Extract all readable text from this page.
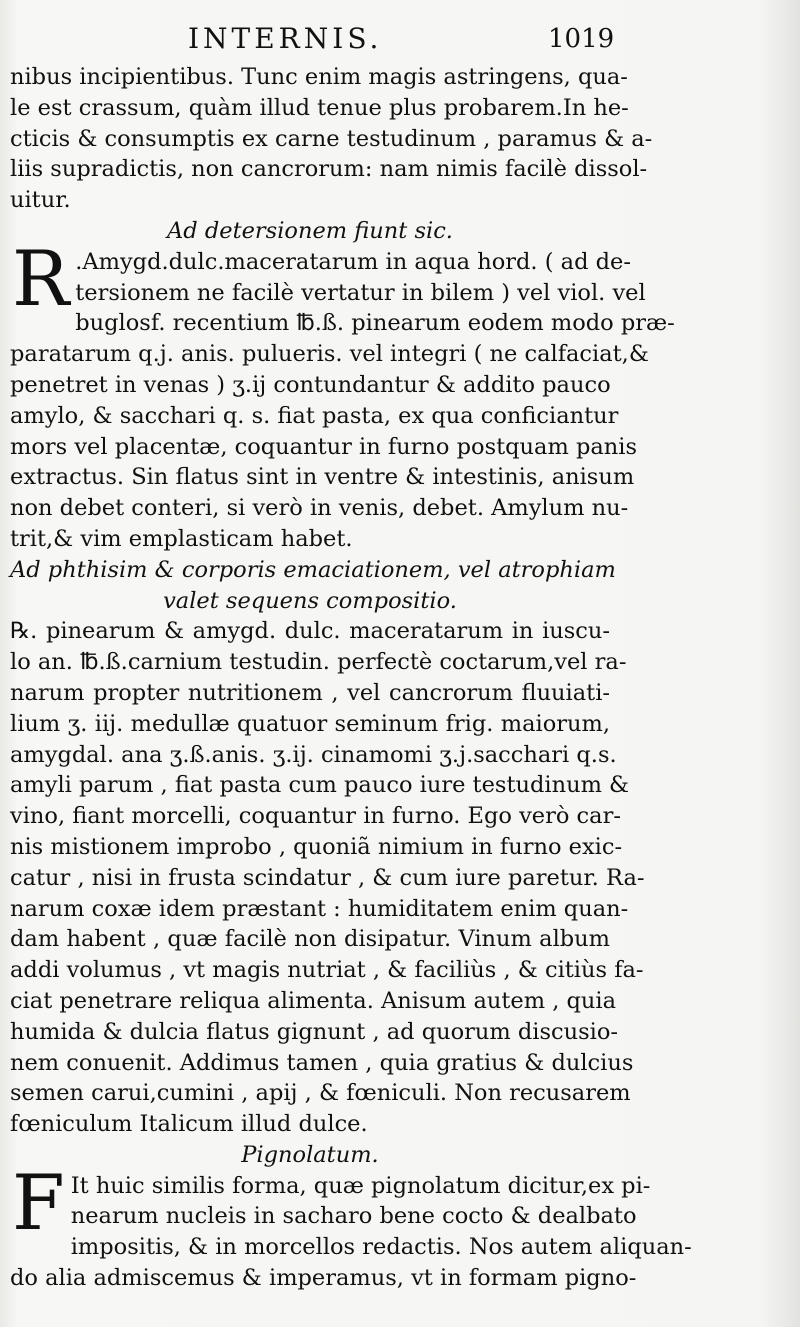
INTERNIS.	1019
nibus incipientibus. Tunc enim magis astringens, qua-
le est crassum, quàm illud tenue plus probarem.In he-
cticis & consumptis ex carne testudinum , paramus & a-
liis supradictis, non cancrorum: nam nimis facilè dissol-
uitur.
Ad detersionem fiunt sic.
R .Amygd.dulc.maceratarum in aqua hord. ( ad de-
tersionem ne facilè vertatur in bilem ) vel viol. vel
buglosf. recentium ℔.ß. pinearum eodem modo præ-
paratarum q.j. anis. pulueris. vel integri ( ne calfaciat,&
penetret in venas ) ʒ.ij contundantur & addito pauco
amylo, & sacchari q. s. fiat pasta, ex qua conficiantur
mors vel placentæ, coquantur in furno postquam panis
extractus. Sin flatus sint in ventre & intestinis, anisum
non debet conteri, si verò in venis, debet. Amylum nu-
trit,& vim emplasticam habet.
Ad phthisim & corporis emaciationem, vel atrophiam
valet sequens compositio.
℞. pinearum & amygd. dulc. maceratarum in iuscu-
lo an. ℔.ß.carnium testudin. perfectè coctarum,vel ra-
narum propter nutritionem , vel cancrorum fluuiati-
lium ʒ. iij. medullæ quatuor seminum frig. maiorum,
amygdal. ana ʒ.ß.anis. ʒ.ij. cinamomi ʒ.j.sacchari q.s.
amyli parum , fiat pasta cum pauco iure testudinum &
vino, fiant morcelli, coquantur in furno. Ego verò car-
nis mistionem improbo , quoniã nimium in furno exic-
catur , nisi in frusta scindatur , & cum iure paretur. Ra-
narum coxæ idem præstant : humiditatem enim quan-
dam habent , quæ facilè non disipatur. Vinum album
addi volumus , vt magis nutriat , & faciliùs , & citiùs fa-
ciat penetrare reliqua alimenta. Anisum autem , quia
humida & dulcia flatus gignunt , ad quorum discusio-
nem conuenit. Addimus tamen , quia gratius & dulcius
semen carui,cumini , apij , & fœniculi. Non recusarem
fœniculum Italicum illud dulce.
Pignolatum.
F It huic similis forma, quæ pignolatum dicitur,ex pi-
nearum nucleis in sacharo bene cocto & dealbato
impositis, & in morcellos redactis. Nos autem aliquan-
do alia admiscemus & imperamus, vt in formam pigno-
